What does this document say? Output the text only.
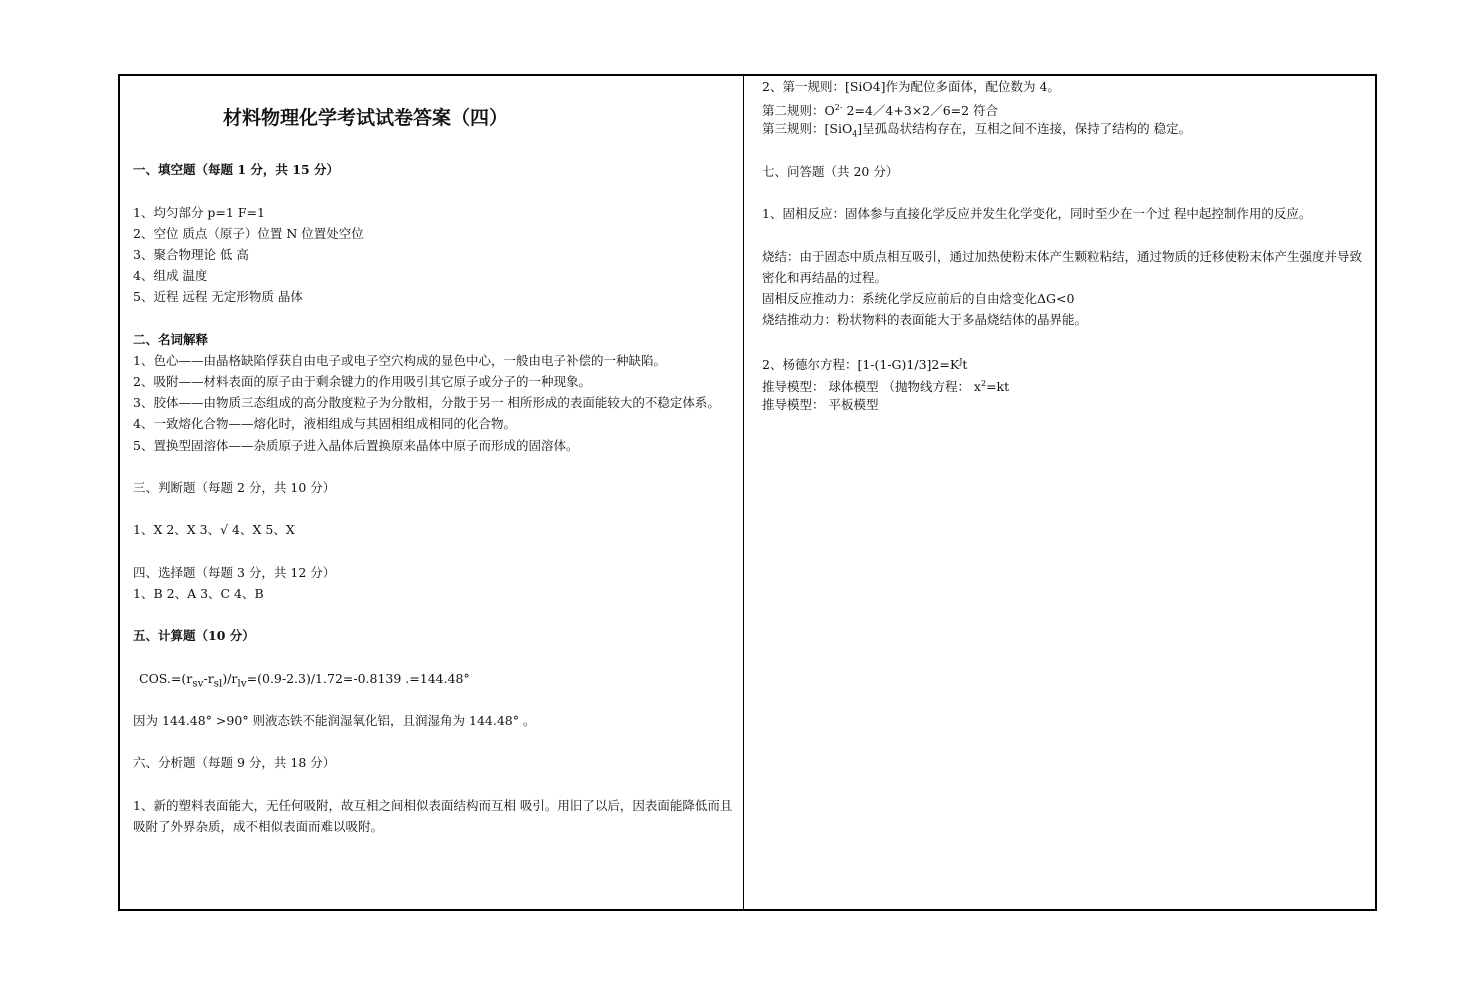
材料物理化学考试试卷答案（四）
一、填空题（每题 1 分，共 15 分）
1、均匀部分 p=1 F=1
2、空位 质点（原子）位置 N 位置处空位
3、聚合物理论 低 高
4、组成 温度
5、近程 远程 无定形物质 晶体
二、名词解释
1、色心——由晶格缺陷俘获自由电子或电子空穴构成的显色中心，一般由电子补偿的一种缺陷。
2、吸附——材料表面的原子由于剩余键力的作用吸引其它原子或分子的一种现象。
3、胶体——由物质三态组成的高分散度粒子为分散相，分散于另一 相所形成的表面能较大的不稳定体系。
4、一致熔化合物——熔化时，液相组成与其固相组成相同的化合物。
5、置换型固溶体——杂质原子进入晶体后置换原来晶体中原子而形成的固溶体。
三、判断题（每题 2 分，共 10 分）
1、X 2、X 3、√ 4、X 5、X
四、选择题（每题 3 分，共 12 分）
1、B 2、A 3、C 4、B
五、计算题（10 分）
$COS.=(r_{sv}-r_{sl})/r_{lv}=(0.9-2.3)/1.72=-0.8139$ .=144.48°
因为 144.48° >90° 则液态铁不能润湿氧化铝，且润湿角为 144.48° 。
六、分析题（每题 9 分，共 18 分）
1、新的塑料表面能大，无任何吸附，故互相之间相似表面结构而互相 吸引。用旧了以后，因表面能降低而且吸附了外界杂质，成不相似表面而难以吸附。
2、第一规则：[SiO4]作为配位多面体，配位数为 4。
第二规则：$O^{2-}$ 2=4／4+3×2／6=2 符合
第三规则：[SiO$_4$]呈孤岛状结构存在，互相之间不连接，保持了结构的 稳定。
七、问答题（共 20 分）
1、固相反应：固体参与直接化学反应并发生化学变化，同时至少在一个过 程中起控制作用的反应。
烧结：由于固态中质点相互吸引，通过加热使粉末体产生颗粒粘结，通过物质的迁移使粉末体产生强度并导致密化和再结晶的过程。
固相反应推动力：系统化学反应前后的自由焓变化ΔG<0
烧结推动力：粉状物料的表面能大于多晶烧结体的晶界能。
2、杨德尔方程：$[1-(1-G)1/3]2=K^Jt$
推导模型： 球体模型 （抛物线方程： $x^2=kt$
推导模型： 平板模型
